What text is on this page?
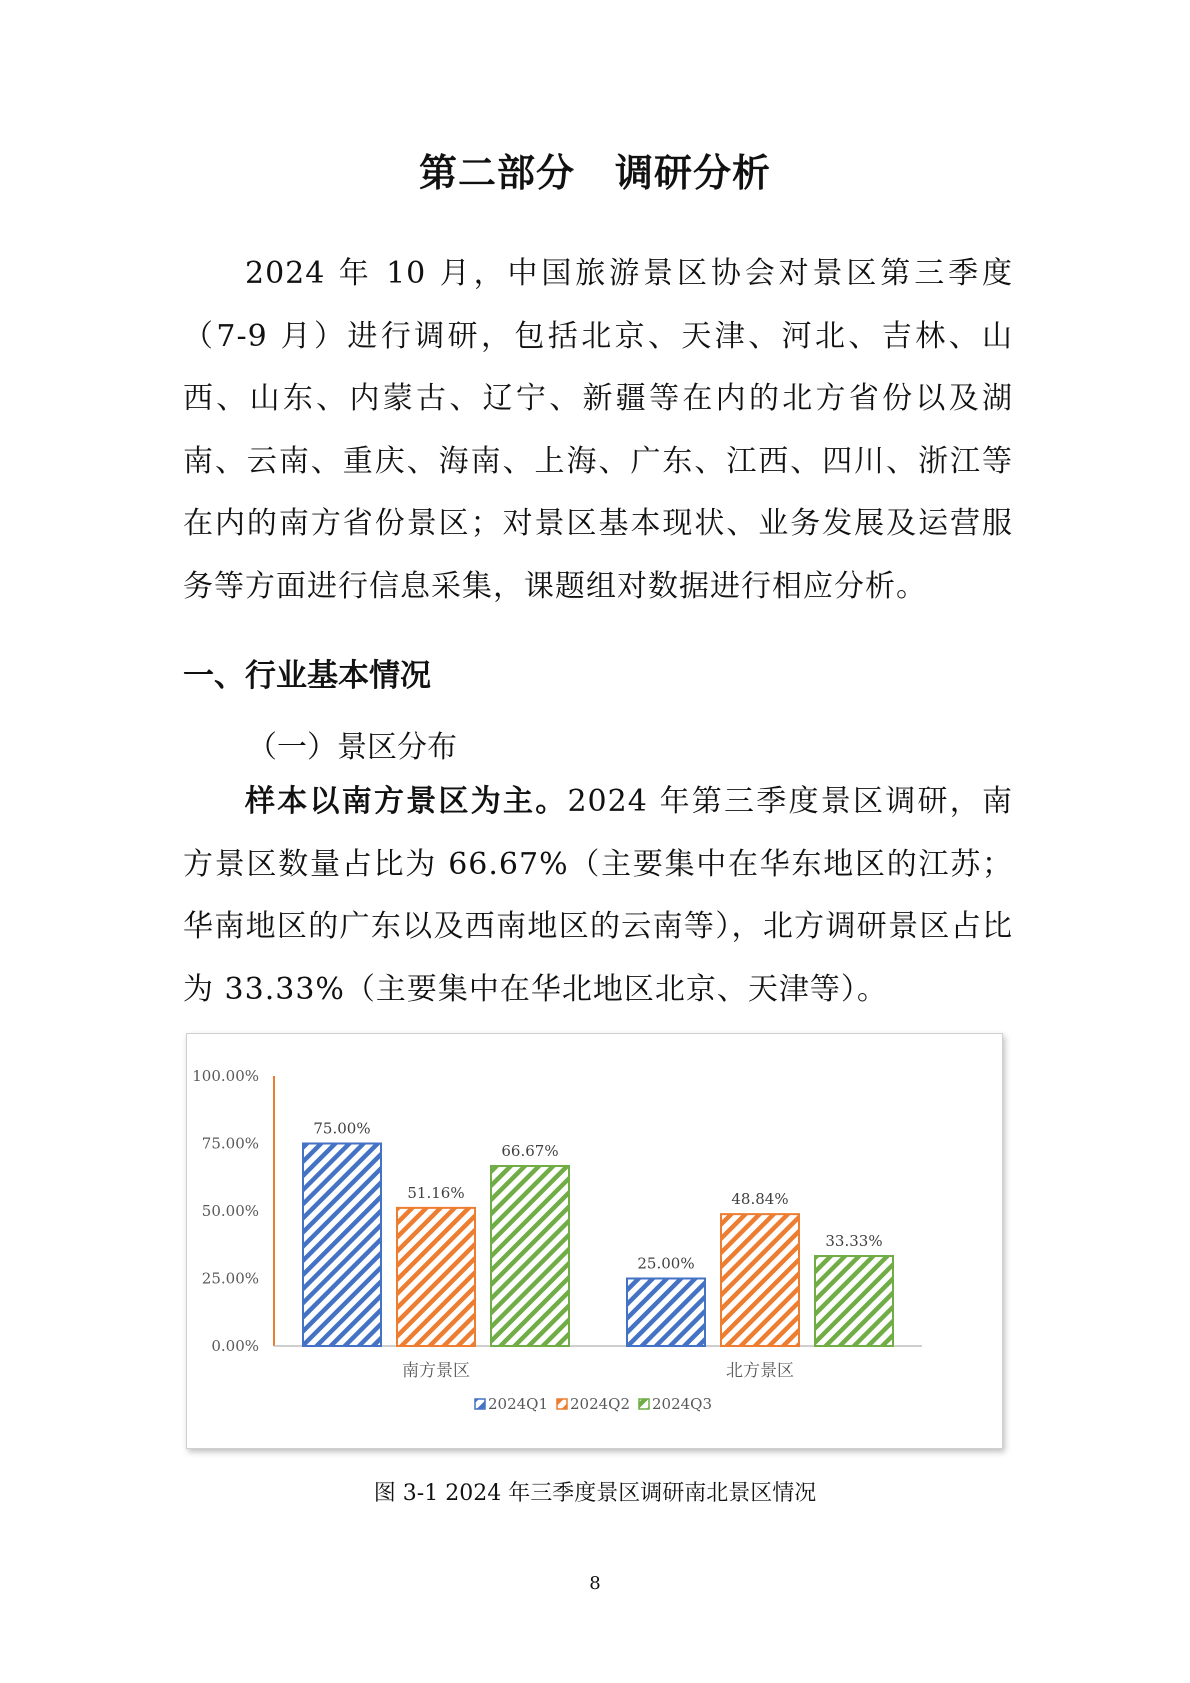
第二部分 调研分析

2024 年 10 月，中国旅游景区协会对景区第三季度（7-9 月）进行调研，包括北京、天津、河北、吉林、山西、山东、内蒙古、辽宁、新疆等在内的北方省份以及湖南、云南、重庆、海南、上海、广东、江西、四川、浙江等在内的南方省份景区；对景区基本现状、业务发展及运营服务等方面进行信息采集，课题组对数据进行相应分析。

一、行业基本情况
（一）景区分布

样本以南方景区为主。2024 年第三季度景区调研，南方景区数量占比为 66.67%（主要集中在华东地区的江苏；华南地区的广东以及西南地区的云南等），北方调研景区占比为 33.33%（主要集中在华北地区北京、天津等）。

0.00%
25.00%
50.00%
75.00%
100.00%
南方景区	北方景区
75.00%
51.16%
66.67%
25.00%
48.84%
33.33%
2024Q1 2024Q2 2024Q3
图 3-1 2024 年三季度景区调研南北景区情况
8
